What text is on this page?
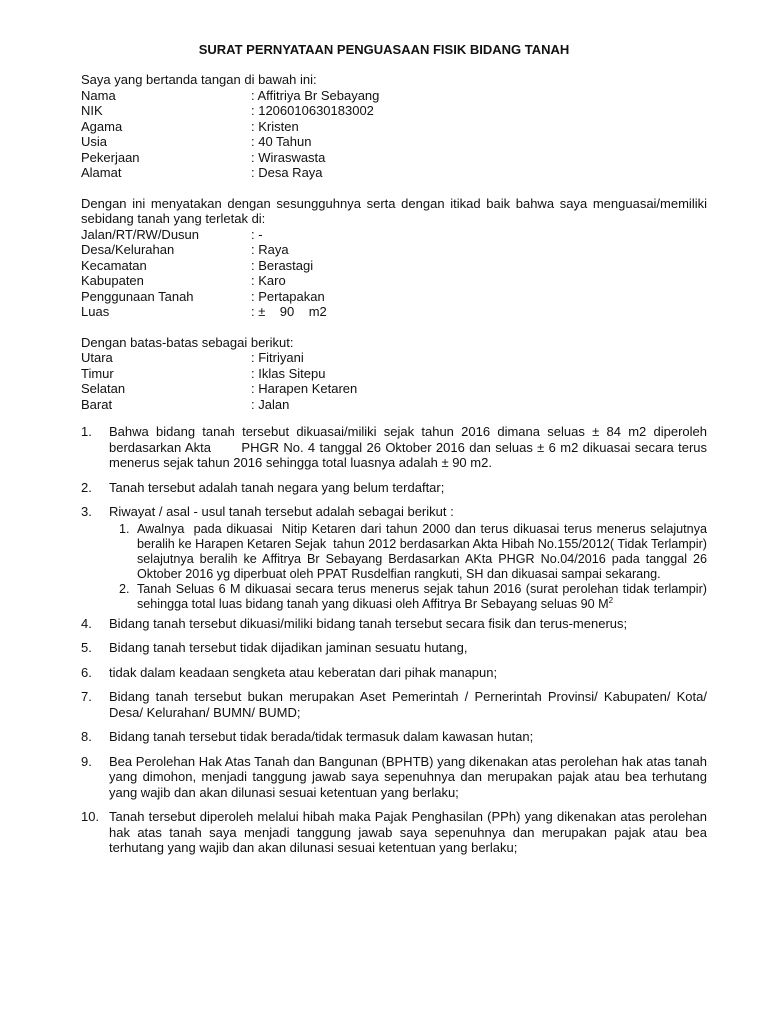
SURAT PERNYATAAN PENGUASAAN FISIK BIDANG TANAH

Saya yang bertanda tangan di bawah ini:

Nama	: Affitriya Br Sebayang
NIK	: 1206010630183002
Agama	: Kristen
Usia	: 40 Tahun
Pekerjaan	: Wiraswasta
Alamat	: Desa Raya

Dengan ini menyatakan dengan sesungguhnya serta dengan itikad baik bahwa saya menguasai/memiliki sebidang tanah yang terletak di:

Jalan/RT/RW/Dusun	: -
Desa/Kelurahan	: Raya
Kecamatan	: Berastagi
Kabupaten	: Karo
Penggunaan Tanah	: Pertapakan
Luas	: ±    90    m2

Dengan batas-batas sebagai berikut:

Utara	: Fitriyani
Timur	: Iklas Sitepu
Selatan	: Harapen Ketaren
Barat	: Jalan
1.	Bahwa bidang tanah tersebut dikuasai/miliki sejak tahun 2016 dimana seluas ± 84 m2 diperoleh berdasarkan Akta       PHGR No. 4 tanggal 26 Oktober 2016 dan seluas ± 6 m2 dikuasai secara terus menerus sejak tahun 2016 sehingga total luasnya adalah ± 90 m2.

2.	Tanah tersebut adalah tanah negara yang belum terdaftar;

3.	Riwayat / asal - usul tanah tersebut adalah sebagai berikut :

1. Awalnya  pada dikuasai  Nitip Ketaren dari tahun 2000 dan terus dikuasai terus menerus selajutnya beralih ke Harapen Ketaren Sejak  tahun 2012 berdasarkan Akta Hibah No.155/2012( Tidak Terlampir) selajutnya beralih ke Affitrya Br Sebayang Berdasarkan AKta PHGR No.04/2016 pada tanggal 26 Oktober 2016 yg diperbuat oleh PPAT Rusdelfian rangkuti, SH dan dikuasai sampai sekarang.
2. Tanah Seluas 6 M dikuasai secara terus menerus sejak tahun 2016 (surat perolehan tidak terlampir) sehingga total luas bidang tanah yang dikuasi oleh Affitrya Br Sebayang seluas 90 $M^2$
4.	Bidang tanah tersebut dikuasi/miliki bidang tanah tersebut secara fisik dan terus-menerus;

5.	Bidang tanah tersebut tidak dijadikan jaminan sesuatu hutang,

6.	tidak dalam keadaan sengketa atau keberatan dari pihak manapun;

7.	Bidang tanah tersebut bukan merupakan Aset Pemerintah / Pernerintah Provinsi/ Kabupaten/ Kota/ Desa/ Kelurahan/ BUMN/ BUMD;

8.	Bidang tanah tersebut tidak berada/tidak termasuk dalam kawasan hutan;

9.	Bea Perolehan Hak Atas Tanah dan Bangunan (BPHTB) yang dikenakan atas perolehan hak atas tanah yang dimohon, menjadi tanggung jawab saya sepenuhnya dan merupakan pajak atau bea terhutang yang wajib dan akan dilunasi sesuai ketentuan yang berlaku;

10. Tanah tersebut diperoleh melalui hibah maka Pajak Penghasilan (PPh) yang dikenakan atas perolehan hak atas tanah saya menjadi tanggung jawab saya sepenuhnya dan merupakan pajak atau bea terhutang yang wajib dan akan dilunasi sesuai ketentuan yang berlaku;
